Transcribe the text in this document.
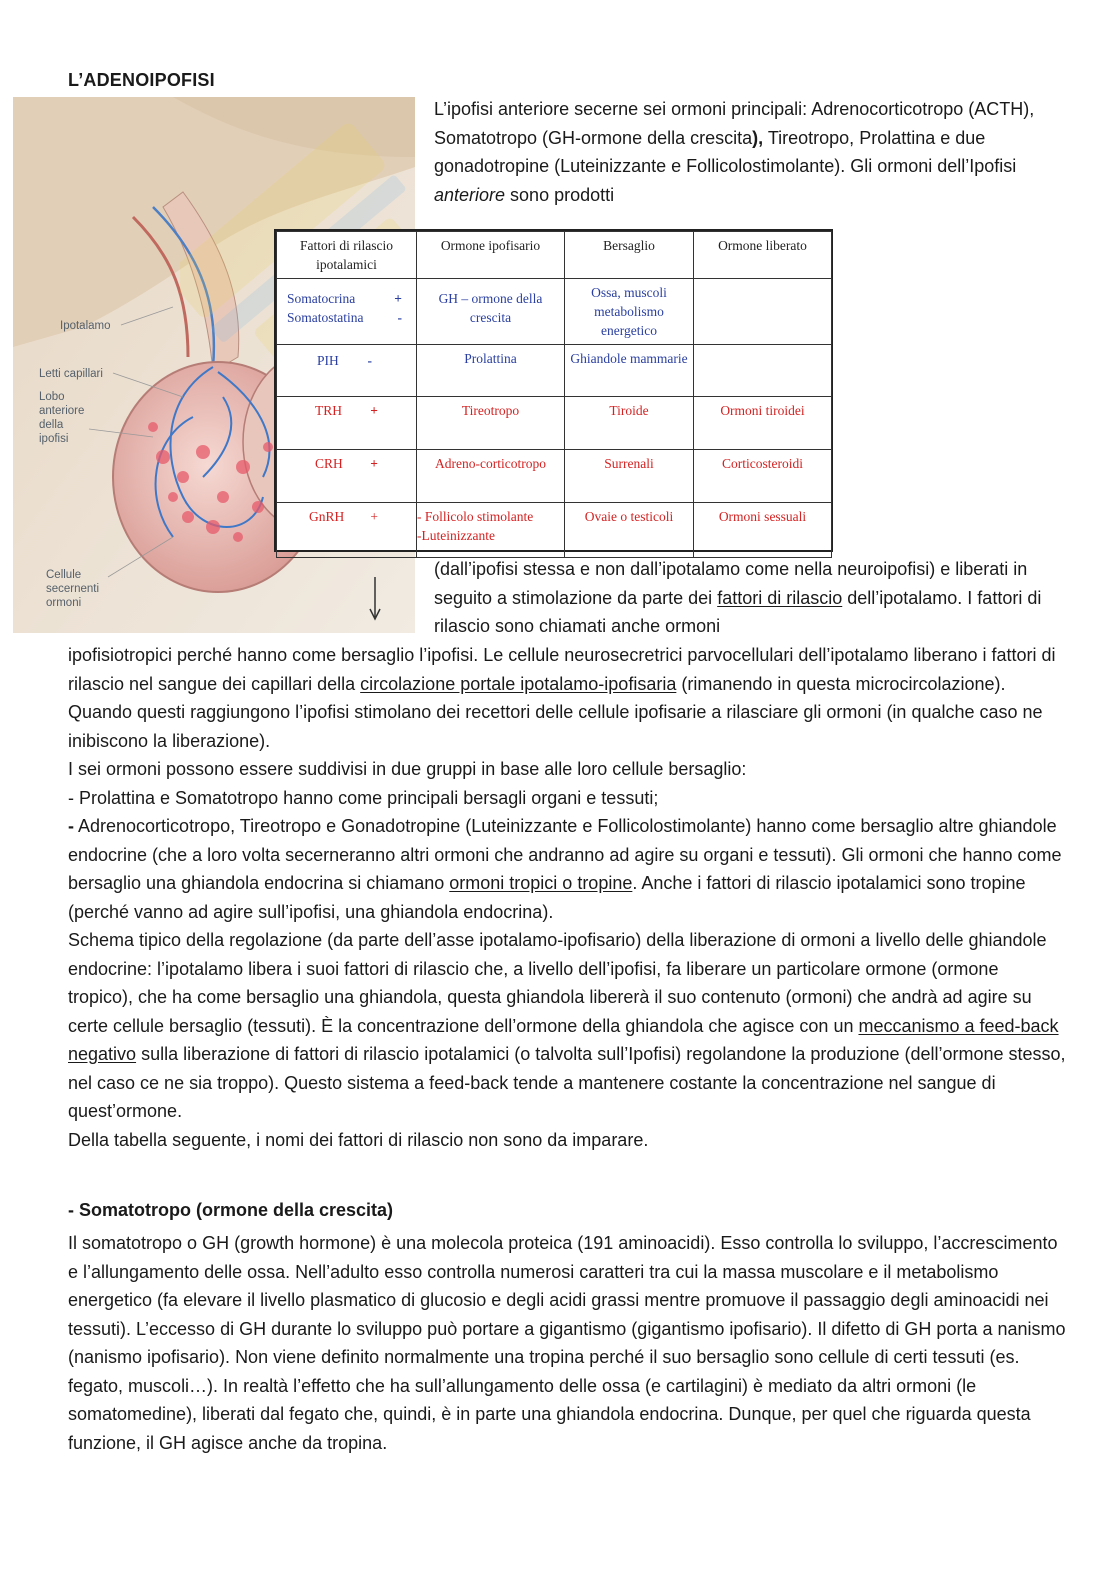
L’ADENOIPOFISI
Ipotalamo
Letti capillari
Lobo
anteriore
della
ipofisi
Cellule
secernenti
ormoni

L’ipofisi anteriore secerne sei ormoni principali: Adrenocorticotropo (ACTH), Somatotropo (GH-ormone della crescita), Tireotropo, Prolattina e due gonadotropine (Luteinizzante e Follicolostimolante). Gli ormoni dell’Ipofisi anteriore sono prodotti

Fattori di rilascio ipotalamici	Ormone ipofisario	Bersaglio	Ormone liberato

Somatocrina +
Somatostatina -	GH – ormone della crescita	Ossa, muscoli metabolismo energetico	

PIH -	Prolattina	Ghiandole mammarie	

TRH +	Tireotropo	Tiroide	Ormoni tiroidei

CRH +	Adreno-corticotropo	Surrenali	Corticosteroidi

GnRH +	- Follicolo stimolante
-Luteinizzante	Ovaie o testicoli	Ormoni sessuali

(dall’ipofisi stessa e non dall’ipotalamo come nella neuroipofisi) e liberati in seguito a stimolazione da parte dei fattori di rilascio dell’ipotalamo. I fattori di rilascio sono chiamati anche ormoni

ipofisiotropici perché hanno come bersaglio l’ipofisi. Le cellule neurosecretrici parvocellulari dell’ipotalamo liberano i fattori di rilascio nel sangue dei capillari della circolazione portale ipotalamo-ipofisaria (rimanendo in questa microcircolazione). Quando questi raggiungono l’ipofisi stimolano dei recettori delle cellule ipofisarie a rilasciare gli ormoni (in qualche caso ne inibiscono la liberazione).
I sei ormoni possono essere suddivisi in due gruppi in base alle loro cellule bersaglio:
- Prolattina e Somatotropo hanno come principali bersagli organi e tessuti;
- Adrenocorticotropo, Tireotropo e Gonadotropine (Luteinizzante e Follicolostimolante) hanno come bersaglio altre ghiandole endocrine (che a loro volta secerneranno altri ormoni che andranno ad agire su organi e tessuti). Gli ormoni che hanno come bersaglio una ghiandola endocrina si chiamano ormoni tropici o tropine. Anche i fattori di rilascio ipotalamici sono tropine (perché vanno ad agire sull’ipofisi, una ghiandola endocrina).
Schema tipico della regolazione (da parte dell’asse ipotalamo-ipofisario) della liberazione di ormoni a livello delle ghiandole endocrine: l’ipotalamo libera i suoi fattori di rilascio che, a livello dell’ipofisi, fa liberare un particolare ormone (ormone tropico), che ha come bersaglio una ghiandola, questa ghiandola libererà il suo contenuto (ormoni) che andrà ad agire su certe cellule bersaglio (tessuti). È la concentrazione dell’ormone della ghiandola che agisce con un meccanismo a feed-back negativo sulla liberazione di fattori di rilascio ipotalamici (o talvolta sull’Ipofisi) regolandone la produzione (dell’ormone stesso, nel caso ce ne sia troppo). Questo sistema a feed-back tende a mantenere costante la concentrazione nel sangue di quest’ormone.
Della tabella seguente, i nomi dei fattori di rilascio non sono da imparare.
- Somatotropo (ormone della crescita)

Il somatotropo o GH (growth hormone) è una molecola proteica (191 aminoacidi). Esso controlla lo sviluppo, l’accrescimento e l’allungamento delle ossa. Nell’adulto esso controlla numerosi caratteri tra cui la massa muscolare e il metabolismo energetico (fa elevare il livello plasmatico di glucosio e degli acidi grassi mentre promuove il passaggio degli aminoacidi nei tessuti). L’eccesso di GH durante lo sviluppo può portare a gigantismo (gigantismo ipofisario). Il difetto di GH porta a nanismo (nanismo ipofisario). Non viene definito normalmente una tropina perché il suo bersaglio sono cellule di certi tessuti (es. fegato, muscoli…). In realtà l’effetto che ha sull’allungamento delle ossa (e cartilagini) è mediato da altri ormoni (le somatomedine), liberati dal fegato che, quindi, è in parte una ghiandola endocrina. Dunque, per quel che riguarda questa funzione, il GH agisce anche da tropina.
